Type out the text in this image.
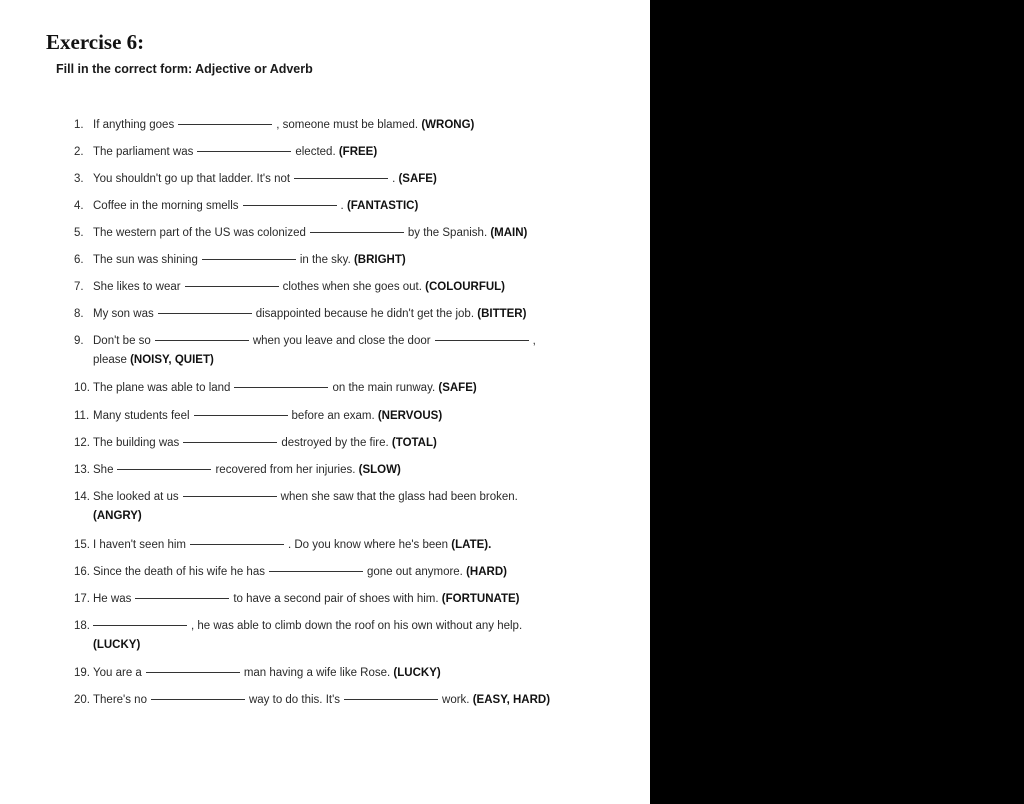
Exercise 6:
Fill in the correct form: Adjective or Adverb
1. If anything goes	, someone must be blamed. (WRONG)
2. The parliament was	elected. (FREE)
3. You shouldn't go up that ladder. It's not	. (SAFE)
4. Coffee in the morning smells	. (FANTASTIC)
5. The western part of the US was colonized	by the Spanish. (MAIN)
6. The sun was shining	in the sky. (BRIGHT)
7. She likes to wear	clothes when she goes out. (COLOURFUL)
8. My son was	disappointed because he didn't get the job. (BITTER)
9. Don't be so	when you leave and close the door	,
please (NOISY, QUIET)
10. The plane was able to land	on the main runway. (SAFE)
11. Many students feel	before an exam. (NERVOUS)
12. The building was	destroyed by the fire. (TOTAL)
13. She	recovered from her injuries. (SLOW)
14. She looked at us	when she saw that the glass had been broken.
(ANGRY)
15. I haven't seen him	. Do you know where he's been (LATE).
16. Since the death of his wife he has	gone out anymore. (HARD)
17. He was	to have a second pair of shoes with him. (FORTUNATE)
18.	, he was able to climb down the roof on his own without any help.
(LUCKY)
19. You are a	man having a wife like Rose. (LUCKY)
20. There's no	way to do this. It's	work. (EASY, HARD)
